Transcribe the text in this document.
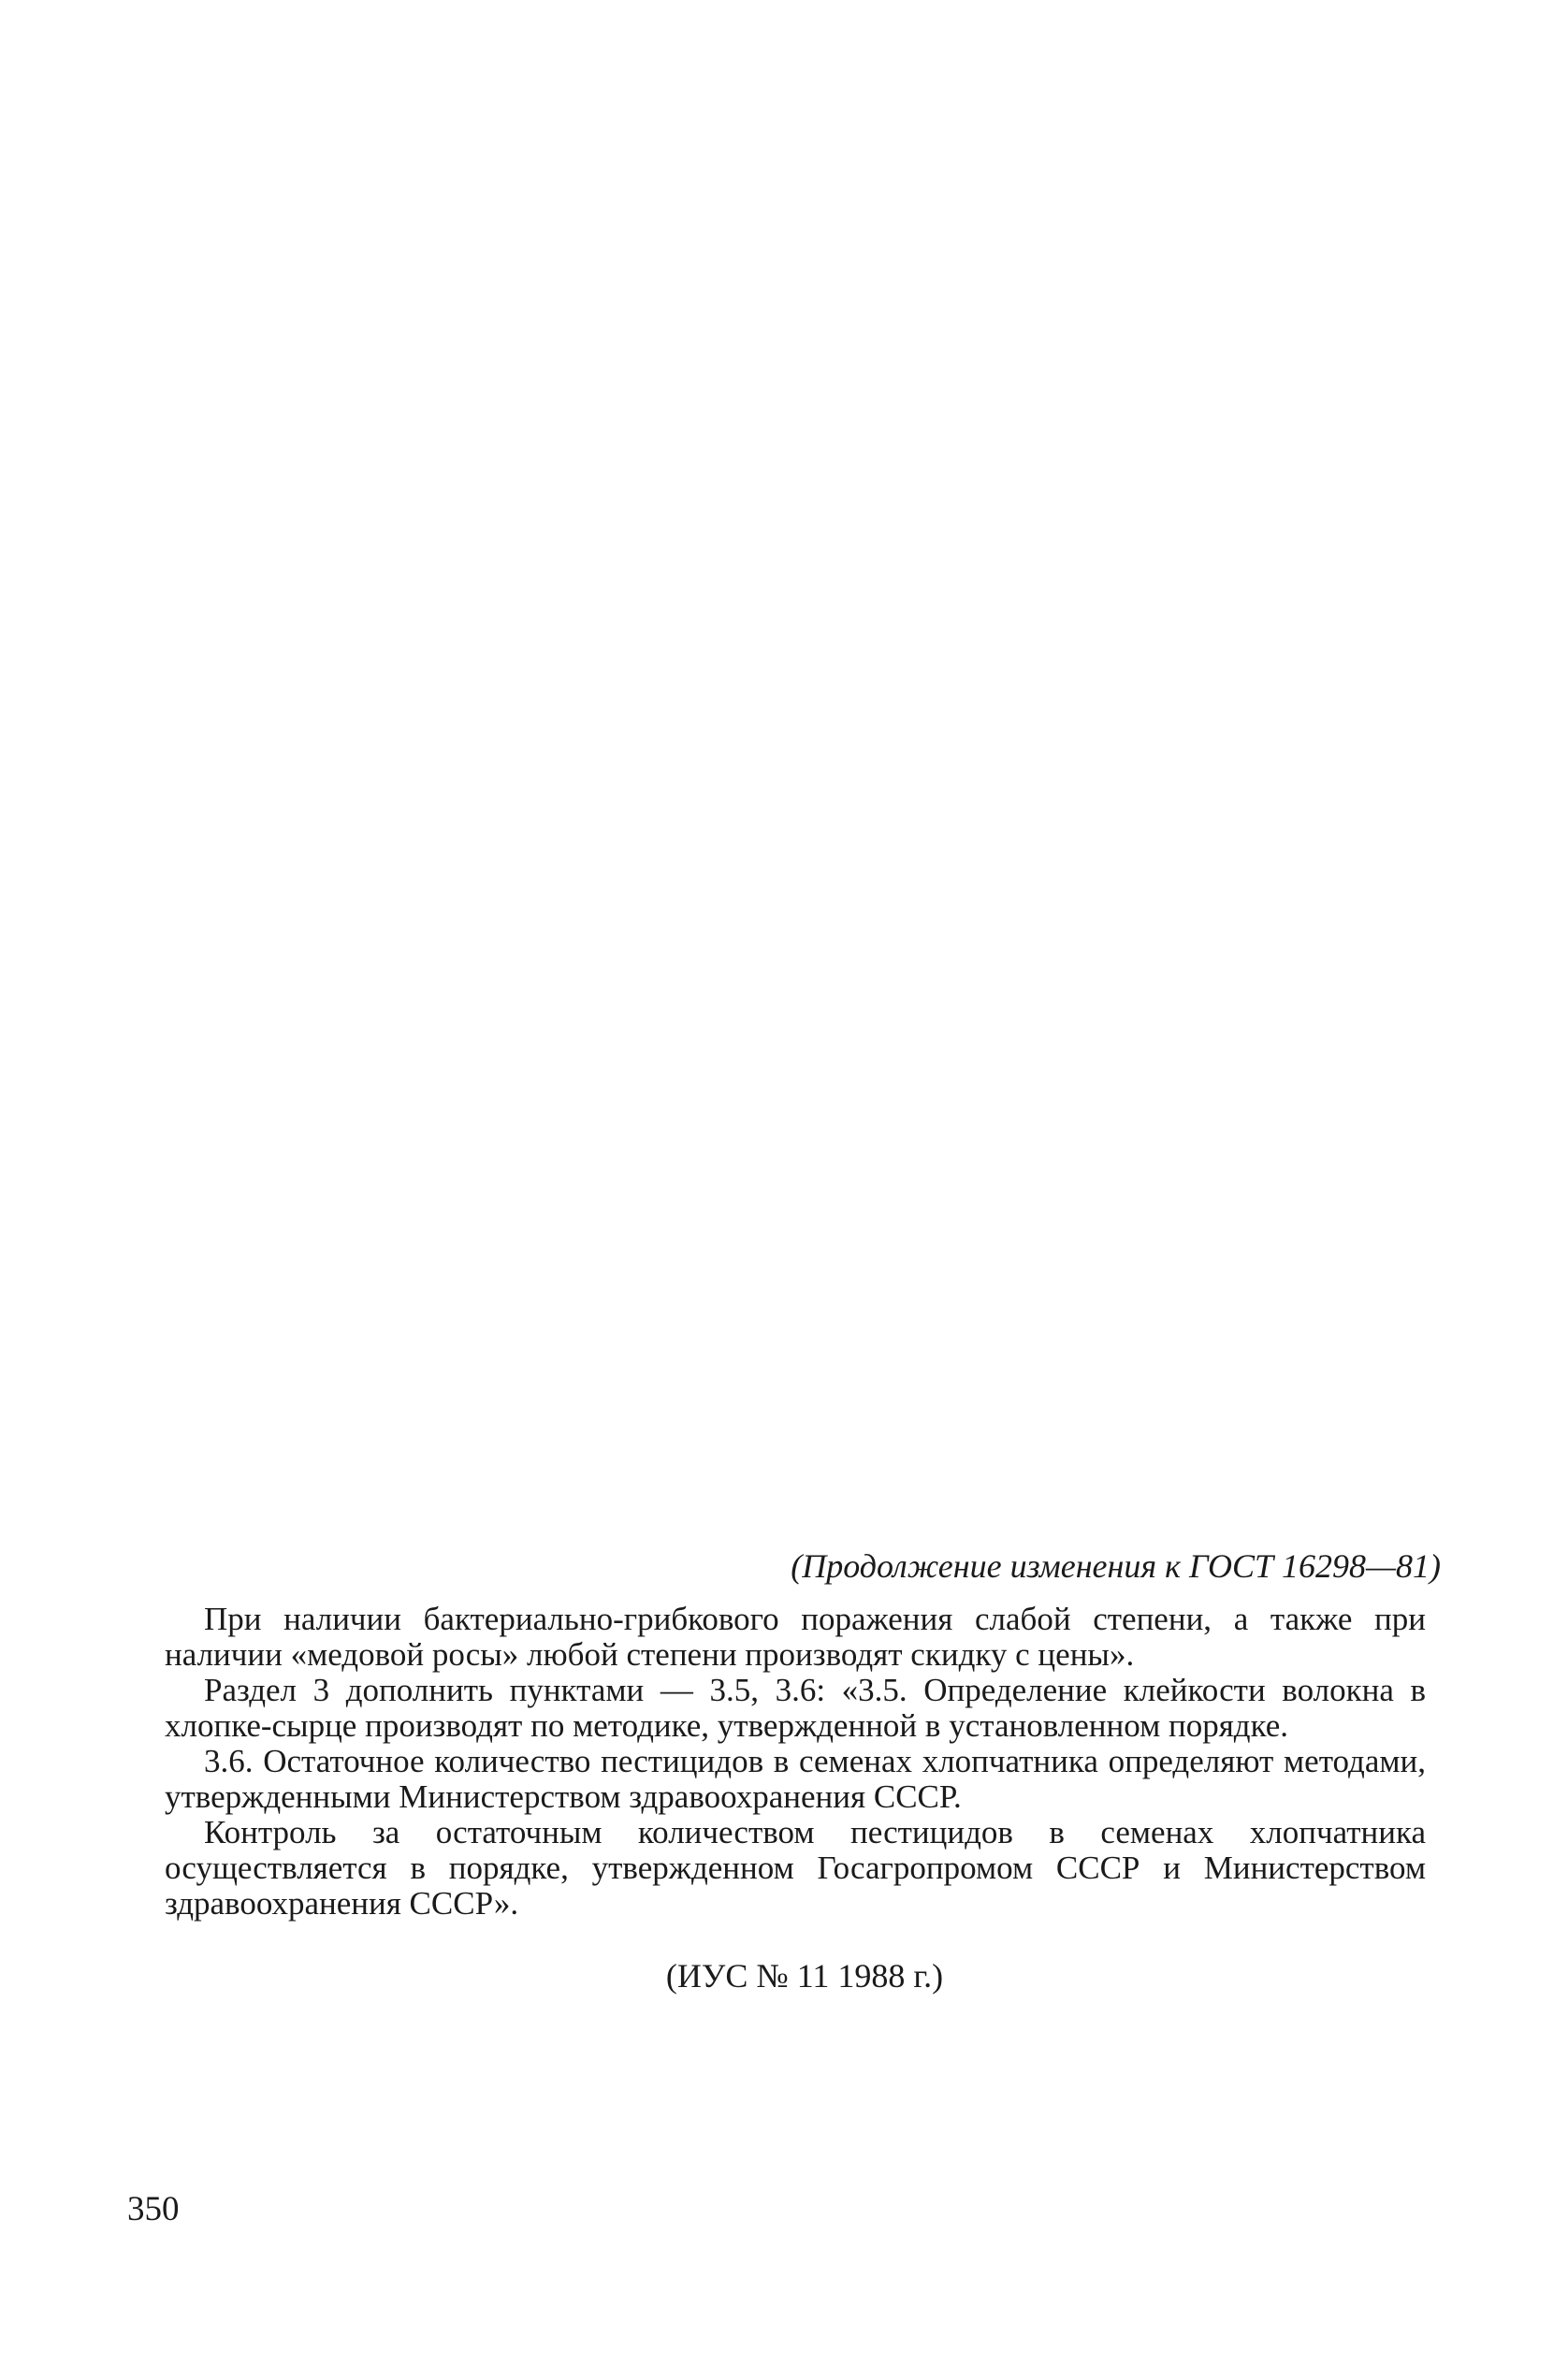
(Продолжение изменения к ГОСТ 16298—81)

При наличии бактериально-грибкового поражения слабой степени, а также при наличии «медовой росы» любой степени производят скидку с цены».

Раздел 3 дополнить пунктами — 3.5, 3.6: «3.5. Определение клейкости волокна в хлопке-сырце производят по методике, утвержденной в установленном порядке.

3.6. Остаточное количество пестицидов в семенах хлопчатника определяют методами, утвержденными Министерством здравоохранения СССР.

Контроль за остаточным количеством пестицидов в семенах хлопчатника осуществляется в порядке, утвержденном Госагропромом СССР и Министерством здравоохранения СССР».

(ИУС № 11 1988 г.)
350
